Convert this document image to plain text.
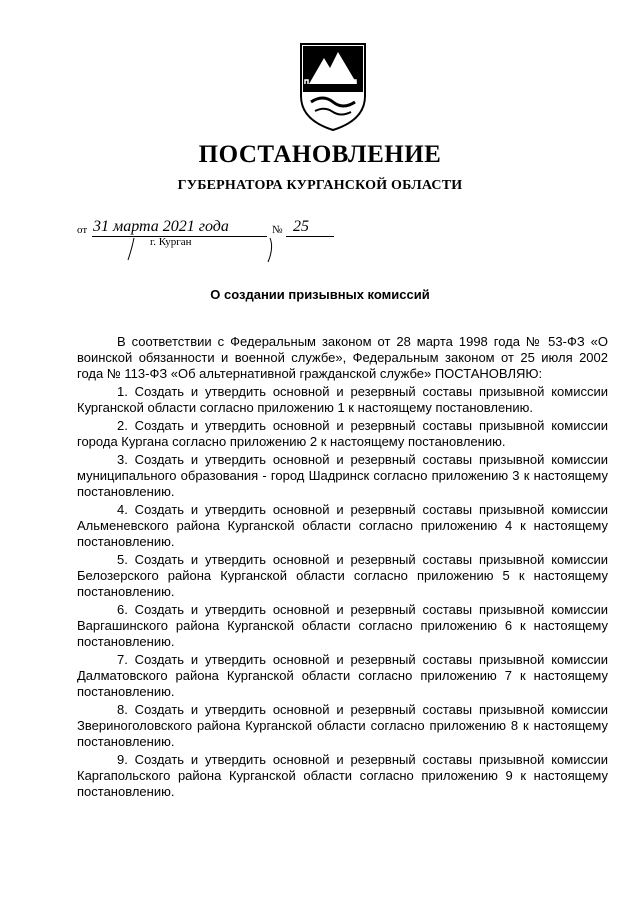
ПОСТАНОВЛЕНИЕ
ГУБЕРНАТОРА КУРГАНСКОЙ ОБЛАСТИ
от 31 марта 2021 года	№ 25
г. Курган
О создании призывных комиссий

В соответствии с Федеральным законом от 28 марта 1998 года № 53-ФЗ «О воинской обязанности и военной службе», Федеральным законом от 25 июля 2002 года № 113-ФЗ «Об альтернативной гражданской службе» ПОСТАНОВЛЯЮ:

1. Создать и утвердить основной и резервный составы призывной комиссии Курганской области согласно приложению 1 к настоящему постановлению.

2. Создать и утвердить основной и резервный составы призывной комиссии города Кургана согласно приложению 2 к настоящему постановлению.

3. Создать и утвердить основной и резервный составы призывной комиссии муниципального образования - город Шадринск согласно приложению 3 к настоящему постановлению.

4. Создать и утвердить основной и резервный составы призывной комиссии Альменевского района Курганской области согласно приложению 4 к настоящему постановлению.

5. Создать и утвердить основной и резервный составы призывной комиссии Белозерского района Курганской области согласно приложению 5 к настоящему постановлению.

6. Создать и утвердить основной и резервный составы призывной комиссии Варгашинского района Курганской области согласно приложению 6 к настоящему постановлению.

7. Создать и утвердить основной и резервный составы призывной комиссии Далматовского района Курганской области согласно приложению 7 к настоящему постановлению.

8. Создать и утвердить основной и резервный составы призывной комиссии Звериноголовского района Курганской области согласно приложению 8 к настоящему постановлению.

9. Создать и утвердить основной и резервный составы призывной комиссии Каргапольского района Курганской области согласно приложению 9 к настоящему постановлению.
